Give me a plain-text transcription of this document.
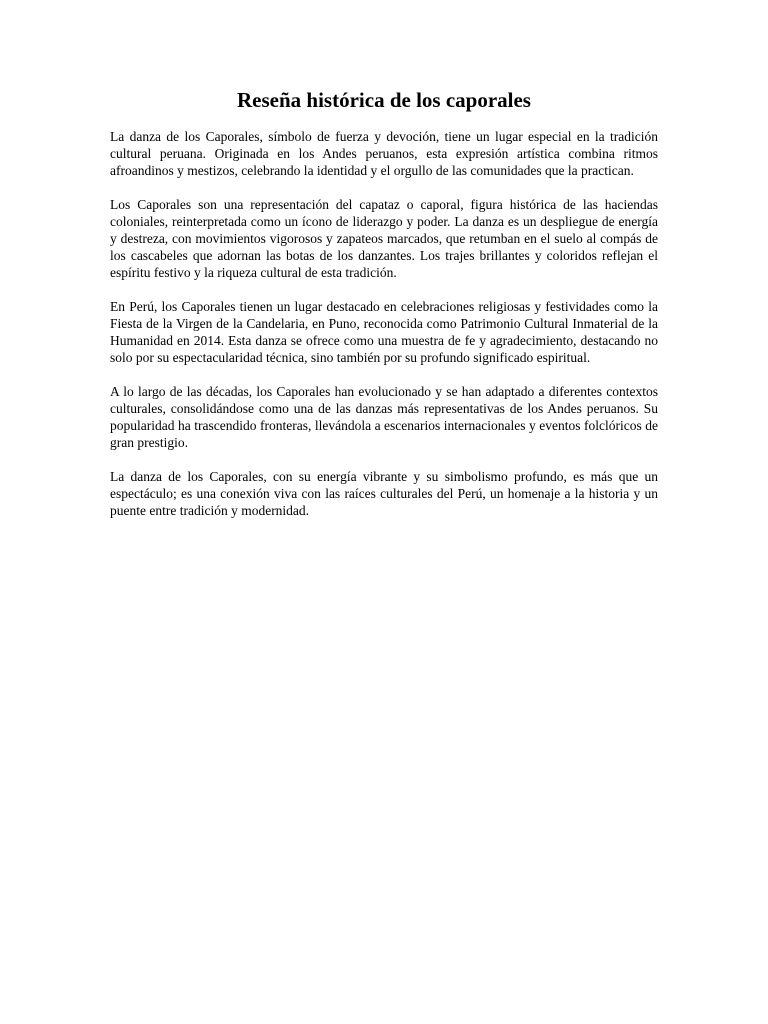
Reseña histórica de los caporales

La danza de los Caporales, símbolo de fuerza y devoción, tiene un lugar especial en la tradición cultural peruana. Originada en los Andes peruanos, esta expresión artística combina ritmos afroandinos y mestizos, celebrando la identidad y el orgullo de las comunidades que la practican.

Los Caporales son una representación del capataz o caporal, figura histórica de las haciendas coloniales, reinterpretada como un ícono de liderazgo y poder. La danza es un despliegue de energía y destreza, con movimientos vigorosos y zapateos marcados, que retumban en el suelo al compás de los cascabeles que adornan las botas de los danzantes. Los trajes brillantes y coloridos reflejan el espíritu festivo y la riqueza cultural de esta tradición.

En Perú, los Caporales tienen un lugar destacado en celebraciones religiosas y festividades como la Fiesta de la Virgen de la Candelaria, en Puno, reconocida como Patrimonio Cultural Inmaterial de la Humanidad en 2014. Esta danza se ofrece como una muestra de fe y agradecimiento, destacando no solo por su espectacularidad técnica, sino también por su profundo significado espiritual.

A lo largo de las décadas, los Caporales han evolucionado y se han adaptado a diferentes contextos culturales, consolidándose como una de las danzas más representativas de los Andes peruanos. Su popularidad ha trascendido fronteras, llevándola a escenarios internacionales y eventos folclóricos de gran prestigio.

La danza de los Caporales, con su energía vibrante y su simbolismo profundo, es más que un espectáculo; es una conexión viva con las raíces culturales del Perú, un homenaje a la historia y un puente entre tradición y modernidad.
